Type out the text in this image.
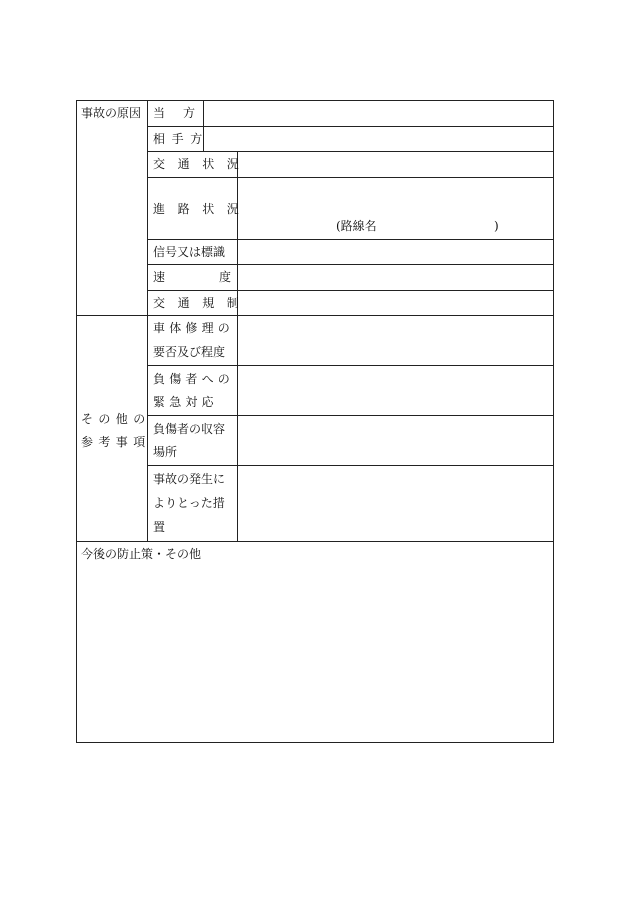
事故の原因 当 方
相手方
交通状況
進路状況
(路線名	)
信号又は標識
速	度
交通規制
その他の
参考事項
車体修理の
要否及び程度
負傷者への
緊急対応
負傷者の収容
場所
事故の発生に
よりとった措
置
今後の防止策・その他
